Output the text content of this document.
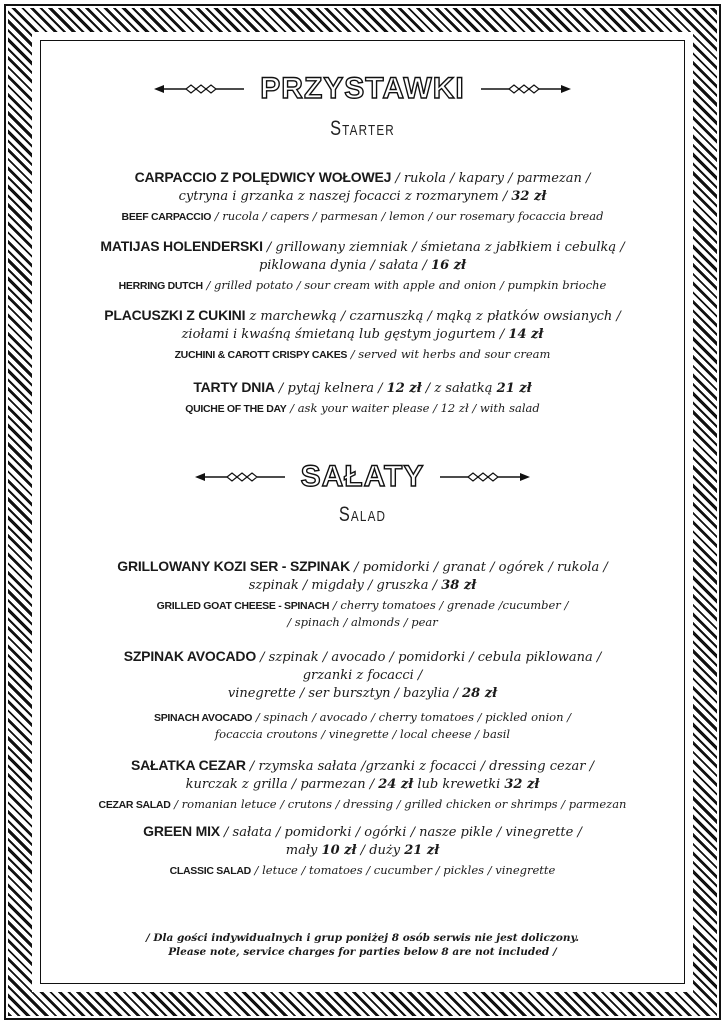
PRZYSTAWKI
Starter
CARPACCIO Z POLĘDWICY WOŁOWEJ / rukola / kapary / parmezan /
cytryna i grzanka z naszej focacci z rozmarynem / 32 zł
BEEF CARPACCIO / rucola / capers / parmesan / lemon / our rosemary focaccia bread
MATIJAS HOLENDERSKI / grillowany ziemniak / śmietana z jabłkiem i cebulką /
piklowana dynia / sałata / 16 zł
HERRING DUTCH / grilled potato / sour cream with apple and onion / pumpkin brioche
PLACUSZKI Z CUKINI z marchewką / czarnuszką / mąką z płatków owsianych /
ziołami i kwaśną śmietaną lub gęstym jogurtem / 14 zł
ZUCHINI & CAROTT CRISPY CAKES / served wit herbs and sour cream
TARTY DNIA / pytaj kelnera / 12 zł / z sałatką 21 zł
QUICHE OF THE DAY / ask your waiter please / 12 zł / with salad
SAŁATY
Salad
GRILLOWANY KOZI SER - SZPINAK / pomidorki / granat / ogórek / rukola /
szpinak / migdały / gruszka / 38 zł
GRILLED GOAT CHEESE - SPINACH / cherry tomatoes / grenade /cucumber /
/ spinach / almonds / pear
SZPINAK AVOCADO / szpinak / avocado / pomidorki / cebula piklowana /
grzanki z focacci /
vinegrette / ser bursztyn / bazylia / 28 zł
SPINACH AVOCADO / spinach / avocado / cherry tomatoes / pickled onion /
focaccia croutons / vinegrette / local cheese / basil
SAŁATKA CEZAR / rzymska sałata /grzanki z focacci / dressing cezar /
kurczak z grilla / parmezan / 24 zł lub krewetki 32 zł
CEZAR SALAD / romanian letuce / crutons / dressing / grilled chicken or shrimps / parmezan
GREEN MIX / sałata / pomidorki / ogórki / nasze pikle / vinegrette /
mały 10 zł / duży 21 zł
CLASSIC SALAD / letuce / tomatoes / cucumber / pickles / vinegrette
/ Dla gości indywidualnych i grup poniżej 8 osób serwis nie jest doliczony.
Please note, service charges for parties below 8 are not included /
